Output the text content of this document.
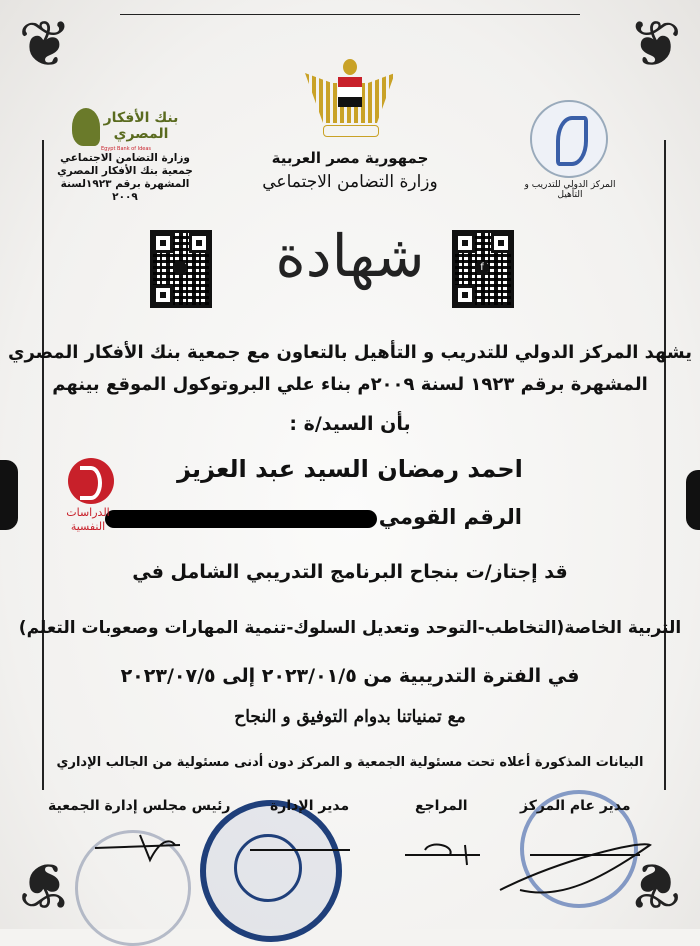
❦	❦
❦	❦
بنك الأفكار المصري
Egypt Bank of Ideas
وزارة التضامن الاجتماعي
جمعية بنك الأفكار المصري
المشهرة برقم ١٩٢٣لسنة ٢٠٠٩
جمهورية مصر العربية
وزارة التضامن الاجتماعي	المركز الدولي للتدريب و التأهيل
f
شهادة
يشهد المركز الدولي للتدريب و التأهيل بالتعاون مع جمعية بنك الأفكار المصري
المشهرة برقم ١٩٢٣ لسنة ٢٠٠٩م بناء علي البروتوكول الموقع بينهم
بأن السيد/ة :
احمد رمضان السيد عبد العزيز
الرقم القومي
قد إجتاز/ت بنجاح البرنامج التدريبي الشامل في
التربية الخاصة(التخاطب-التوحد وتعديل السلوك-تنمية المهارات وصعوبات التعلم)
في الفترة التدريبية من ٢٠٢٣/٠١/٥ إلى ٢٠٢٣/٠٧/٥
مع تمنياتنا بدوام التوفيق و النجاح
البيانات المذكورة أعلاه تحت مسئولية الجمعية و المركز دون أدنى مسئولية من الجالب الإداري
الدراسات
النفسية
مدير عام المركز
المراجع
مدير الإدارة
رئيس مجلس إدارة الجمعية
